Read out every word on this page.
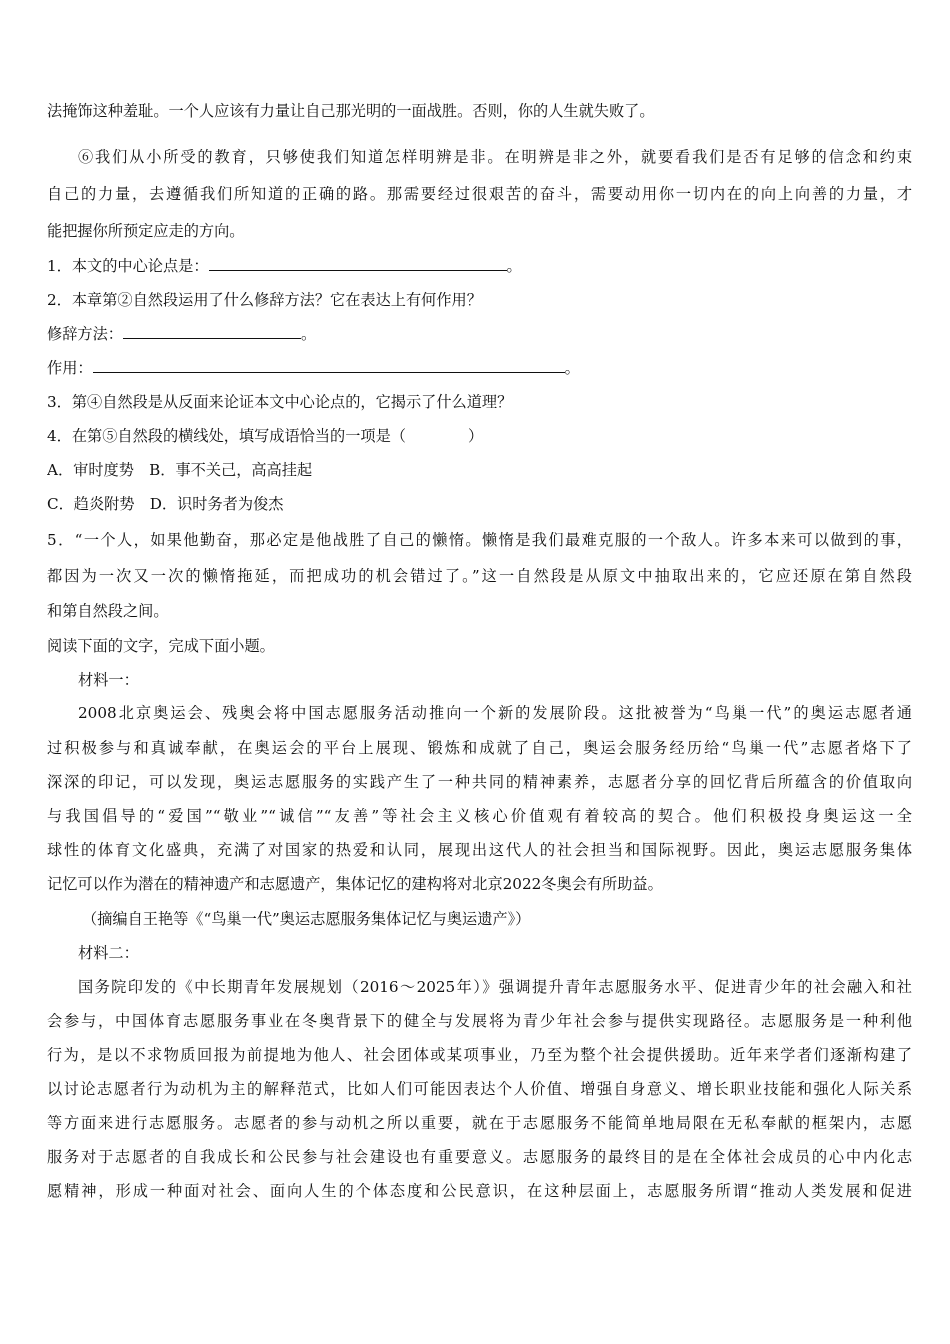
法掩饰这种羞耻。一个人应该有力量让自己那光明的一面战胜。否则，你的人生就失败了。
⑥我们从小所受的教育，只够使我们知道怎样明辨是非。在明辨是非之外，就要看我们是否有足够的信念和约束
自己的力量，去遵循我们所知道的正确的路。那需要经过很艰苦的奋斗，需要动用你一切内在的向上向善的力量，才
能把握你所预定应走的方向。
1．本文的中心论点是：	。
2．本章第②自然段运用了什么修辞方法？它在表达上有何作用？
修辞方法：	。
作用：	。
3．第④自然段是从反面来论证本文中心论点的，它揭示了什么道理？
4．在第⑤自然段的横线处，填写成语恰当的一项是（	）
A．审时度势　B．事不关己，高高挂起
C．趋炎附势　D．识时务者为俊杰
5．“一个人，如果他勤奋，那必定是他战胜了自己的懒惰。懒惰是我们最难克服的一个敌人。许多本来可以做到的事，
都因为一次又一次的懒惰拖延，而把成功的机会错过了。”这一自然段是从原文中抽取出来的，它应还原在第自然段
和第自然段之间。
阅读下面的文字，完成下面小题。
材料一：
2008北京奥运会、残奥会将中国志愿服务活动推向一个新的发展阶段。这批被誉为“鸟巢一代”的奥运志愿者通
过积极参与和真诚奉献，在奥运会的平台上展现、锻炼和成就了自己，奥运会服务经历给“鸟巢一代”志愿者烙下了
深深的印记，可以发现，奥运志愿服务的实践产生了一种共同的精神素养，志愿者分享的回忆背后所蕴含的价值取向
与我国倡导的“爱国”“敬业”“诚信”“友善”等社会主义核心价值观有着较高的契合。他们积极投身奥运这一全
球性的体育文化盛典，充满了对国家的热爱和认同，展现出这代人的社会担当和国际视野。因此，奥运志愿服务集体
记忆可以作为潜在的精神遗产和志愿遗产，集体记忆的建构将对北京2022冬奥会有所助益。
（摘编自王艳等《“鸟巢一代”奥运志愿服务集体记忆与奥运遗产》）
材料二：
国务院印发的《中长期青年发展规划（2016～2025年）》强调提升青年志愿服务水平、促进青少年的社会融入和社
会参与，中国体育志愿服务事业在冬奥背景下的健全与发展将为青少年社会参与提供实现路径。志愿服务是一种利他
行为，是以不求物质回报为前提地为他人、社会团体或某项事业，乃至为整个社会提供援助。近年来学者们逐渐构建了
以讨论志愿者行为动机为主的解释范式，比如人们可能因表达个人价值、增强自身意义、增长职业技能和强化人际关系
等方面来进行志愿服务。志愿者的参与动机之所以重要，就在于志愿服务不能简单地局限在无私奉献的框架内，志愿
服务对于志愿者的自我成长和公民参与社会建设也有重要意义。志愿服务的最终目的是在全体社会成员的心中内化志
愿精神，形成一种面对社会、面向人生的个体态度和公民意识，在这种层面上，志愿服务所谓“推动人类发展和促进
